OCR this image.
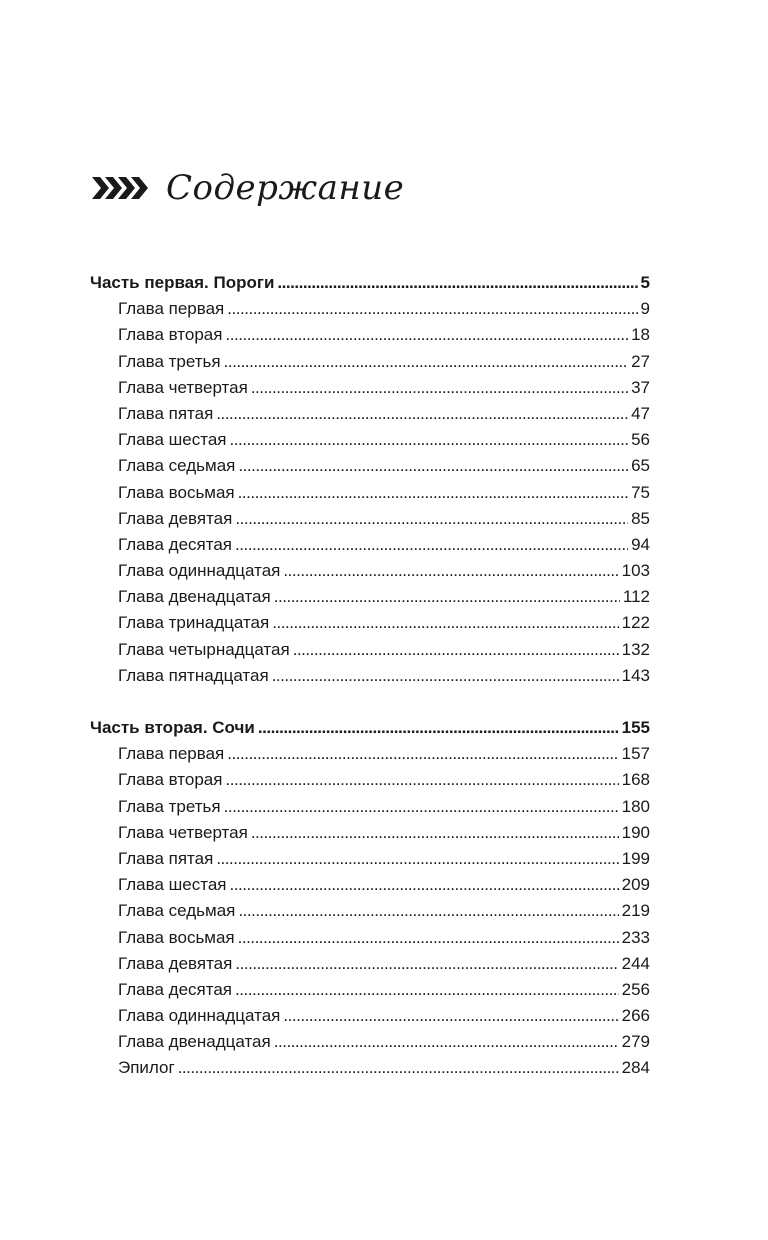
Содержание
Часть первая. Пороги . . .	5
Глава первая . . .	9
Глава вторая . . .	18
Глава третья . . .	27
Глава четвертая . . .	37
Глава пятая . . .	47
Глава шестая . . .	56
Глава седьмая . . .	65
Глава восьмая . . .	75
Глава девятая . . .	85
Глава десятая . . .	94
Глава одиннадцатая . . .	103
Глава двенадцатая . . .	112
Глава тринадцатая . . .	122
Глава четырнадцатая . . .	132
Глава пятнадцатая . . .	143
Часть вторая. Сочи . . .	155
Глава первая . . .	157
Глава вторая . . .	168
Глава третья . . .	180
Глава четвертая . . .	190
Глава пятая . . .	199
Глава шестая . . .	209
Глава седьмая . . .	219
Глава восьмая . . .	233
Глава девятая . . .	244
Глава десятая . . .	256
Глава одиннадцатая . . .	266
Глава двенадцатая . . .	279
Эпилог . . .	284
